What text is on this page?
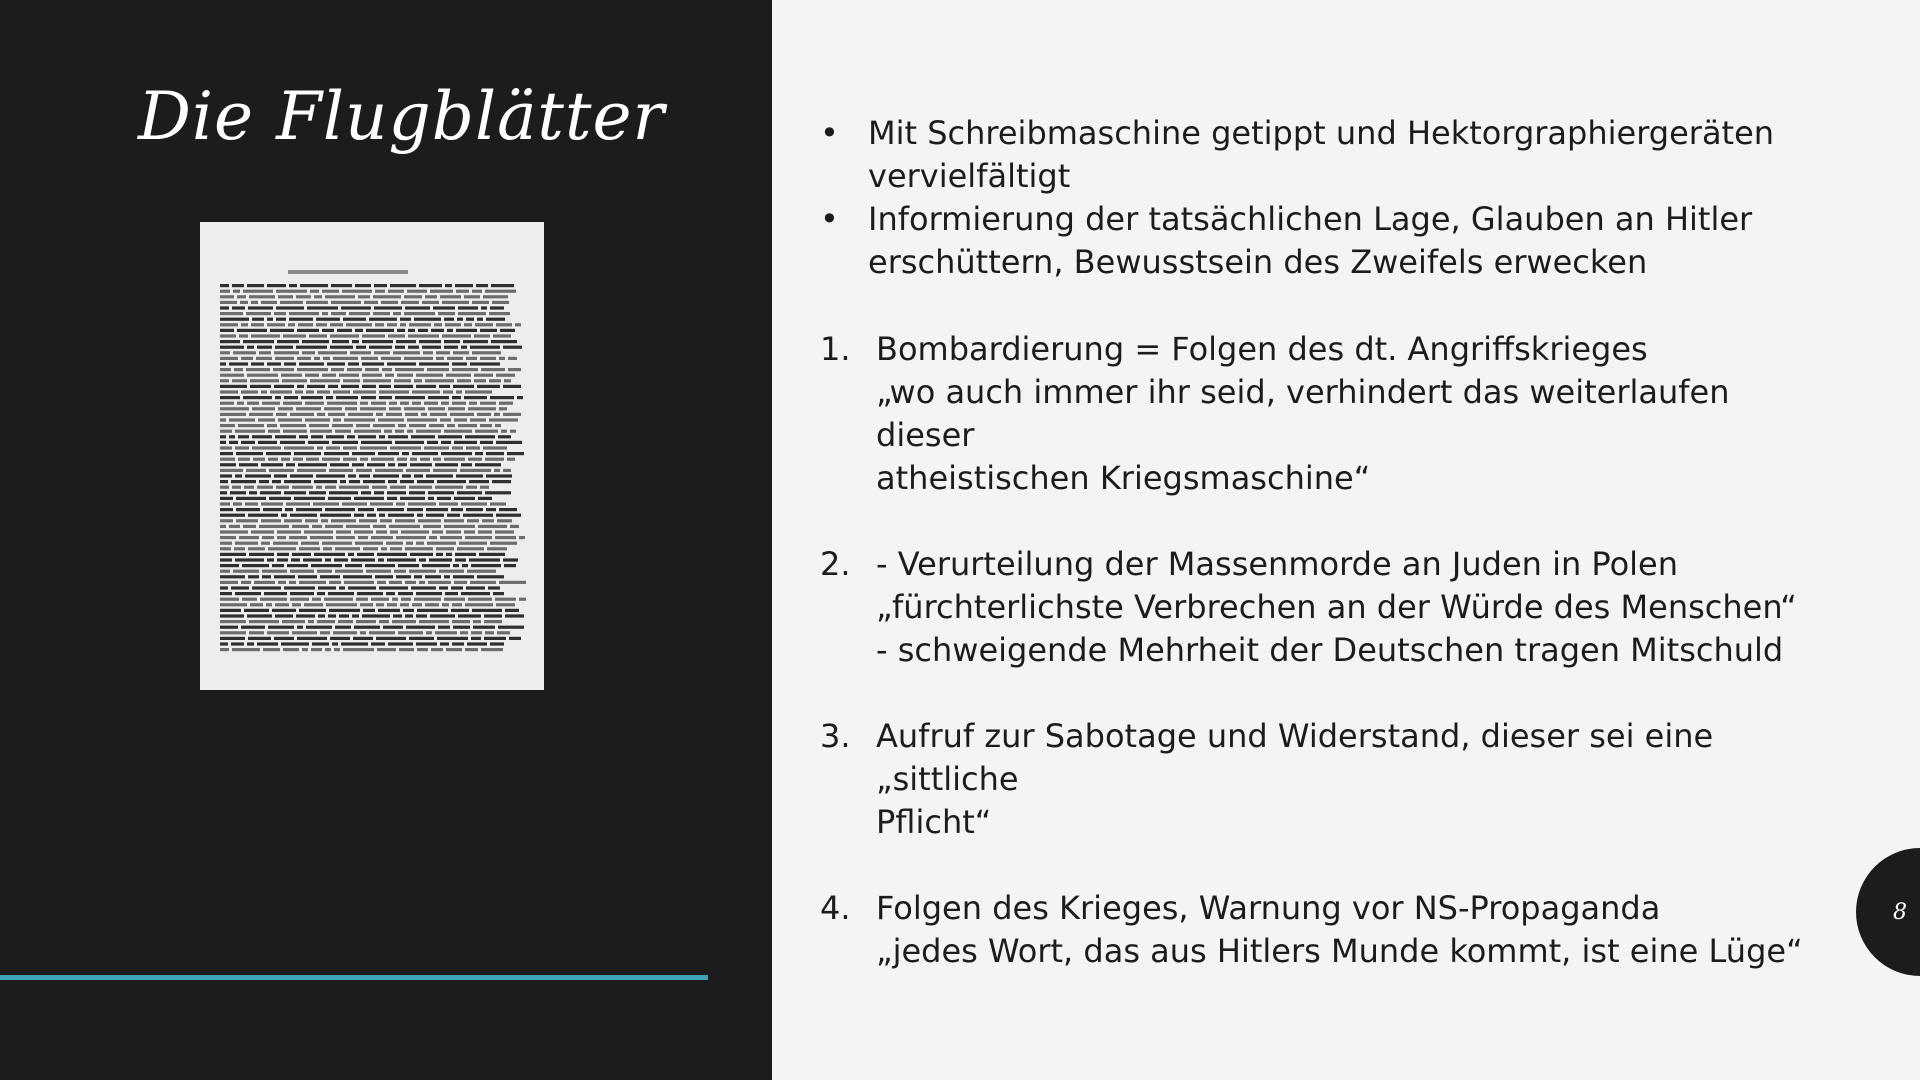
Die Flugblätter	• Mit Schreibmaschine getippt und Hektorgraphiergeräten
vervielfältigt
• Informierung der tatsächlichen Lage, Glauben an Hitler
erschüttern, Bewusstsein des Zweifels erwecken
1. Bombardierung = Folgen des dt. Angriffskrieges
„wo auch immer ihr seid, verhindert das weiterlaufen dieser
atheistischen Kriegsmaschine“
2. - Verurteilung der Massenmorde an Juden in Polen
„fürchterlichste Verbrechen an der Würde des Menschen“
- schweigende Mehrheit der Deutschen tragen Mitschuld
3. Aufruf zur Sabotage und Widerstand, dieser sei eine „sittliche
Pflicht“
4. Folgen des Krieges, Warnung vor NS-Propaganda
„jedes Wort, das aus Hitlers Munde kommt, ist eine Lüge“
8
